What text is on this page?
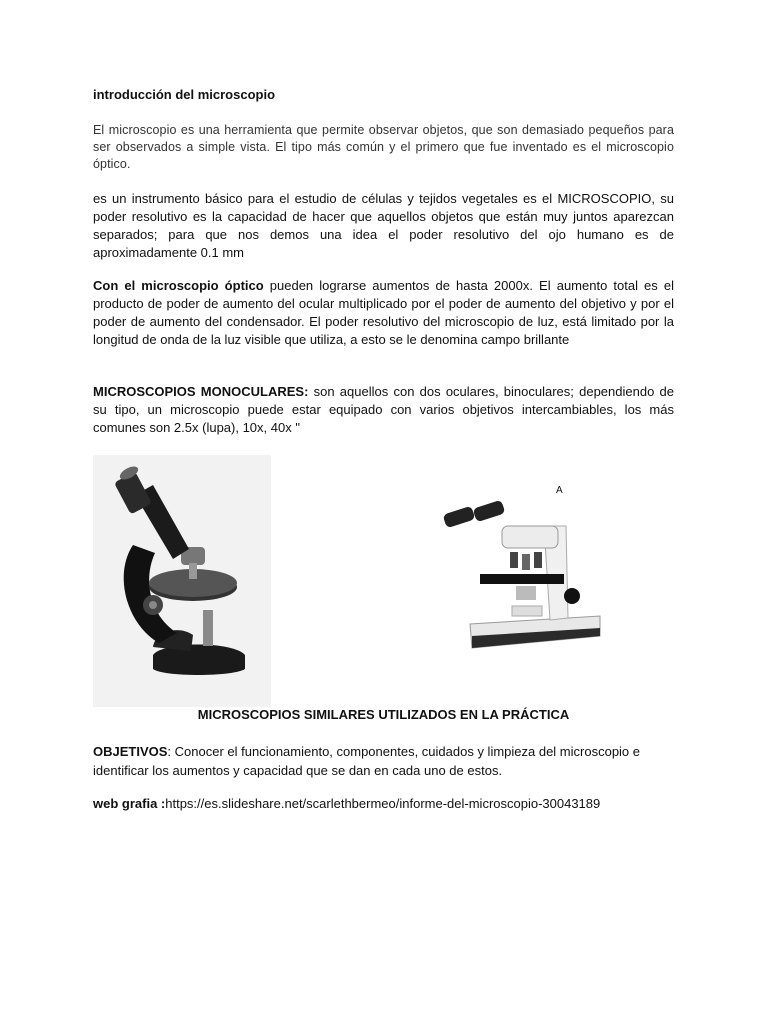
introducción del microscopio
El microscopio es una herramienta que permite observar objetos, que son demasiado pequeños para ser observados a simple vista. El tipo más común y el primero que fue inventado es el microscopio óptico.
es un instrumento básico para el estudio de células y tejidos vegetales es el MICROSCOPIO, su poder resolutivo es la capacidad de hacer que aquellos objetos que están muy juntos aparezcan separados; para que nos demos una idea el poder resolutivo del ojo humano es de aproximadamente 0.1 mm
Con el microscopio óptico pueden lograrse aumentos de hasta 2000x. El aumento total es el producto de poder de aumento del ocular multiplicado por el poder de aumento del objetivo y por el poder de aumento del condensador. El poder resolutivo del microscopio de luz, está limitado por la longitud de onda de la luz visible que utiliza, a esto se le denomina campo brillante
MICROSCOPIOS MONOCULARES: son aquellos con dos oculares, binoculares; dependiendo de su tipo, un microscopio puede estar equipado con varios objetivos intercambiables, los más comunes son 2.5x (lupa), 10x, 40x "
MICROSCOPIOS SIMILARES UTILIZADOS EN LA PRÁCTICA
OBJETIVOS: Conocer el funcionamiento, componentes, cuidados y limpieza del microscopio e identificar los aumentos y capacidad que se dan en cada uno de estos.
web grafia :https://es.slideshare.net/scarlethbermeo/informe-del-microscopio-30043189
A
